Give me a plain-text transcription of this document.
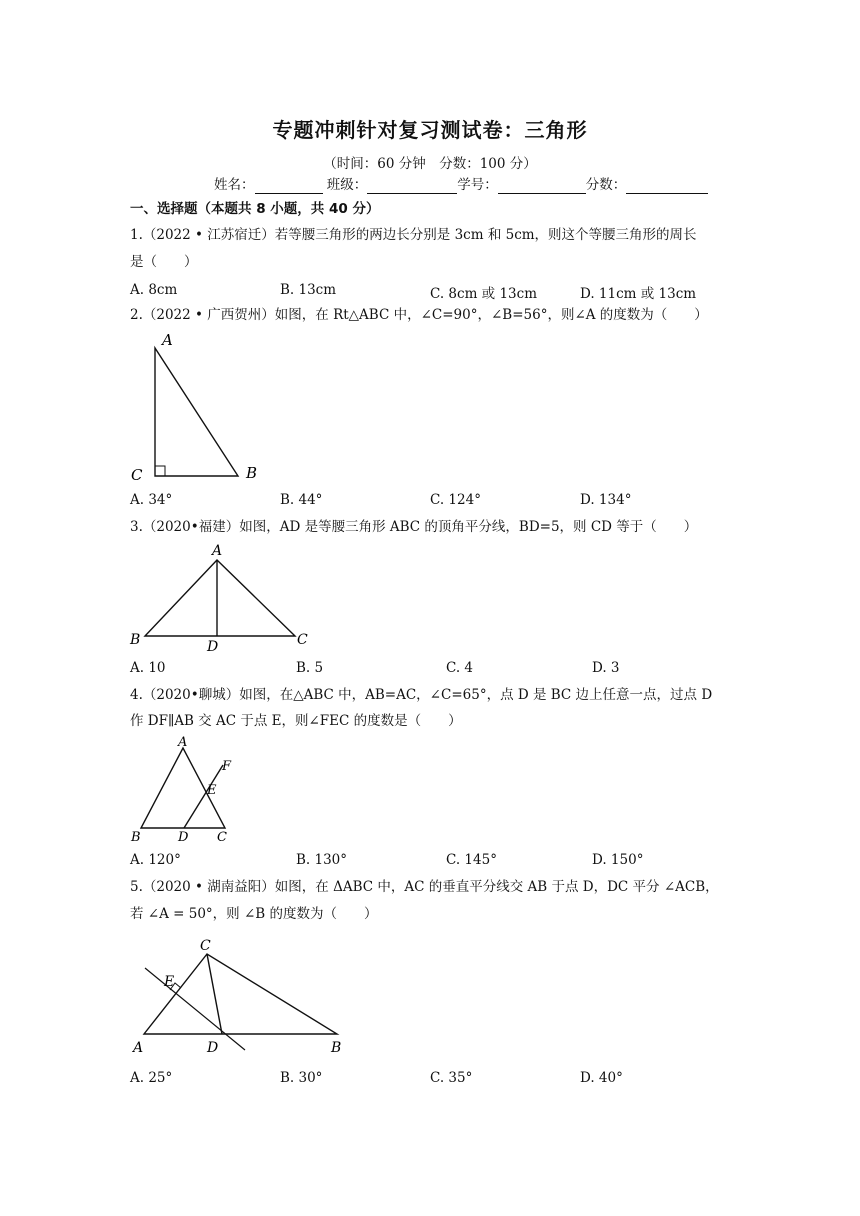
专题冲刺针对复习测试卷：三角形
（时间：60 分钟　分数：100 分）
姓名：	班级：	学号：	分数：
一、选择题（本题共 8 小题，共 40 分）
1.（2022 • 江苏宿迁）若等腰三角形的两边长分别是 3cm 和 5cm，则这个等腰三角形的周长
是（　　）
A. 8cm	B. 13cm	C. 8cm 或 13cm	D. 11cm 或 13cm
2.（2022 • 广西贺州）如图，在 Rt△ABC 中，∠C=90°，∠B=56°，则∠A 的度数为（　　）
A
C	B
A. 34°	B. 44°	C. 124°	D. 134°
3.（2020•福建）如图，AD 是等腰三角形 ABC 的顶角平分线，BD=5，则 CD 等于（　　）
A
B	D	C
A. 10	B. 5	C. 4	D. 3
4.（2020•聊城）如图，在△ABC 中，AB=AC，∠C=65°，点 D 是 BC 边上任意一点，过点 D
作 DF∥AB 交 AC 于点 E，则∠FEC 的度数是（　　）
A
F
E
B	D C
A. 120°	B. 130°	C. 145°	D. 150°
5.（2020 • 湖南益阳）如图，在 ΔABC 中，AC 的垂直平分线交 AB 于点 D，DC 平分 ∠ACB，
若 ∠A = 50°，则 ∠B 的度数为（　　）
C
E
A	D	B
A. 25°	B. 30°	C. 35°	D. 40°
